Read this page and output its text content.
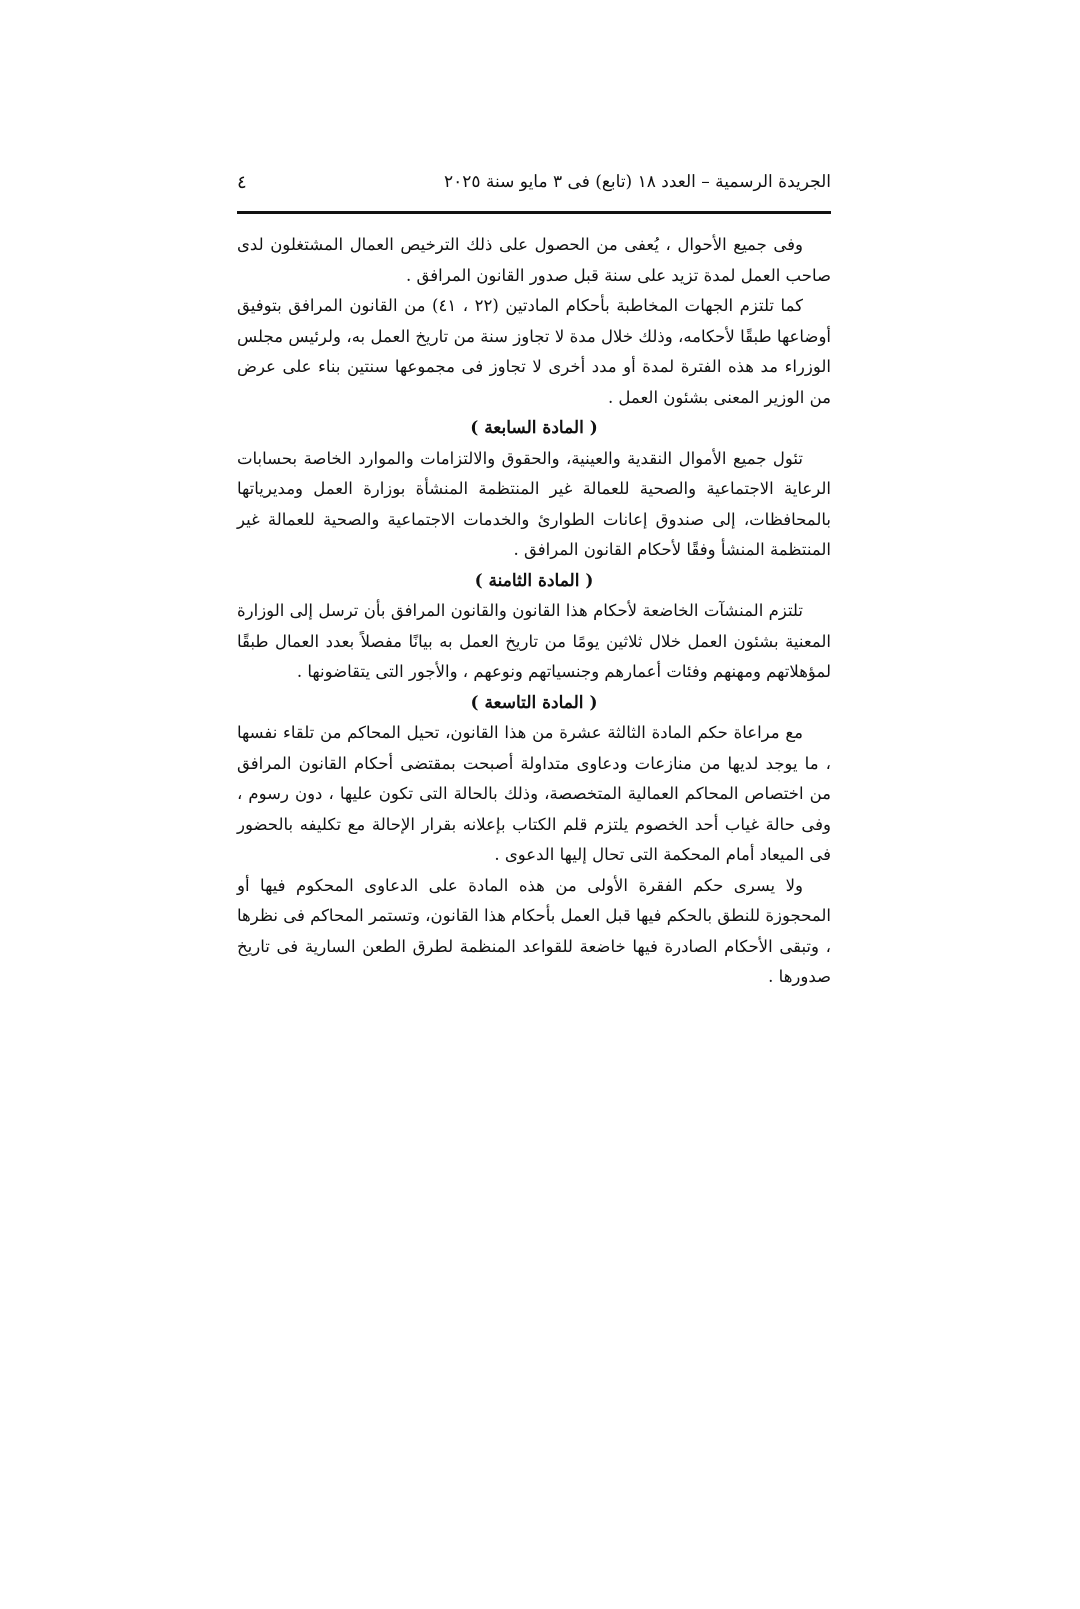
الجريدة الرسمية – العدد ١٨ (تابع) فى ٣ مايو سنة ٢٠٢٥
٤

وفى جميع الأحوال ، يُعفى من الحصول على ذلك الترخيص العمال المشتغلون لدى صاحب العمل لمدة تزيد على سنة قبل صدور القانون المرافق .

كما تلتزم الجهات المخاطبة بأحكام المادتين (٢٢ ، ٤١) من القانون المرافق بتوفيق أوضاعها طبقًا لأحكامه، وذلك خلال مدة لا تجاوز سنة من تاريخ العمل به، ولرئيس مجلس الوزراء مد هذه الفترة لمدة أو مدد أخرى لا تجاوز فى مجموعها سنتين بناء على عرض من الوزير المعنى بشئون العمل .

( المادة السابعة )

تئول جميع الأموال النقدية والعينية، والحقوق والالتزامات والموارد الخاصة بحسابات الرعاية الاجتماعية والصحية للعمالة غير المنتظمة المنشأة بوزارة العمل ومديرياتها بالمحافظات، إلى صندوق إعانات الطوارئ والخدمات الاجتماعية والصحية للعمالة غير المنتظمة المنشأ وفقًا لأحكام القانون المرافق .

( المادة الثامنة )

تلتزم المنشآت الخاضعة لأحكام هذا القانون والقانون المرافق بأن ترسل إلى الوزارة المعنية بشئون العمل خلال ثلاثين يومًا من تاريخ العمل به بيانًا مفصلاً بعدد العمال طبقًا لمؤهلاتهم ومهنهم وفئات أعمارهم وجنسياتهم ونوعهم ، والأجور التى يتقاضونها .

( المادة التاسعة )

مع مراعاة حكم المادة الثالثة عشرة من هذا القانون، تحيل المحاكم من تلقاء نفسها ، ما يوجد لديها من منازعات ودعاوى متداولة أصبحت بمقتضى أحكام القانون المرافق من اختصاص المحاكم العمالية المتخصصة، وذلك بالحالة التى تكون عليها ، دون رسوم ، وفى حالة غياب أحد الخصوم يلتزم قلم الكتاب بإعلانه بقرار الإحالة مع تكليفه بالحضور فى الميعاد أمام المحكمة التى تحال إليها الدعوى .

ولا يسرى حكم الفقرة الأولى من هذه المادة على الدعاوى المحكوم فيها أو المحجوزة للنطق بالحكم فيها قبل العمل بأحكام هذا القانون، وتستمر المحاكم فى نظرها ، وتبقى الأحكام الصادرة فيها خاضعة للقواعد المنظمة لطرق الطعن السارية فى تاريخ صدورها .
